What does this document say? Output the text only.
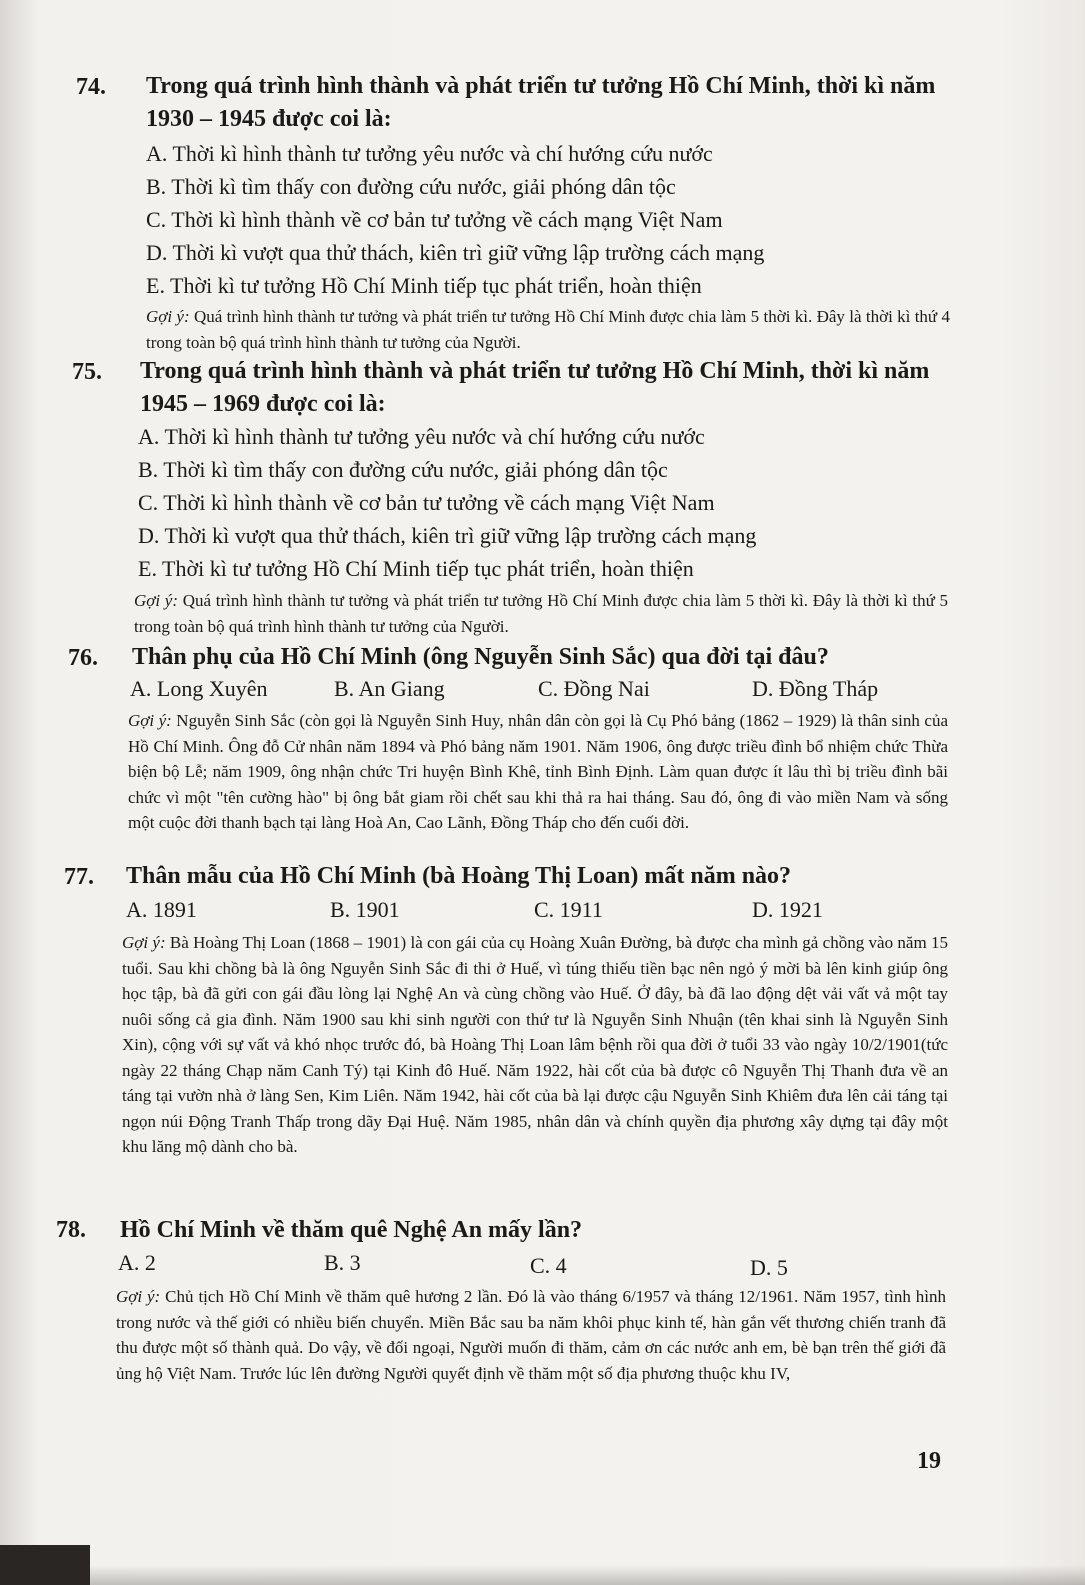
74. Trong quá trình hình thành và phát triển tư tưởng Hồ Chí Minh, thời kì năm 1930 – 1945 được coi là:
A. Thời kì hình thành tư tưởng yêu nước và chí hướng cứu nước
B. Thời kì tìm thấy con đường cứu nước, giải phóng dân tộc
C. Thời kì hình thành về cơ bản tư tưởng về cách mạng Việt Nam
D. Thời kì vượt qua thử thách, kiên trì giữ vững lập trường cách mạng
E. Thời kì tư tưởng Hồ Chí Minh tiếp tục phát triển, hoàn thiện
Gợi ý: Quá trình hình thành tư tưởng và phát triển tư tưởng Hồ Chí Minh được chia làm 5 thời kì. Đây là thời kì thứ 4 trong toàn bộ quá trình hình thành tư tưởng của Người.
75. Trong quá trình hình thành và phát triển tư tưởng Hồ Chí Minh, thời kì năm 1945 – 1969 được coi là:
A. Thời kì hình thành tư tưởng yêu nước và chí hướng cứu nước
B. Thời kì tìm thấy con đường cứu nước, giải phóng dân tộc
C. Thời kì hình thành về cơ bản tư tưởng về cách mạng Việt Nam
D. Thời kì vượt qua thử thách, kiên trì giữ vững lập trường cách mạng
E. Thời kì tư tưởng Hồ Chí Minh tiếp tục phát triển, hoàn thiện
Gợi ý: Quá trình hình thành tư tưởng và phát triển tư tưởng Hồ Chí Minh được chia làm 5 thời kì. Đây là thời kì thứ 5 trong toàn bộ quá trình hình thành tư tưởng của Người.
76. Thân phụ của Hồ Chí Minh (ông Nguyễn Sinh Sắc) qua đời tại đâu?
A. Long Xuyên	B. An Giang	C. Đồng Nai	D. Đồng Tháp
Gợi ý: Nguyễn Sinh Sắc (còn gọi là Nguyễn Sinh Huy, nhân dân còn gọi là Cụ Phó bảng (1862 – 1929) là thân sinh của Hồ Chí Minh. Ông đỗ Cử nhân năm 1894 và Phó bảng năm 1901. Năm 1906, ông được triều đình bổ nhiệm chức Thừa biện bộ Lễ; năm 1909, ông nhận chức Tri huyện Bình Khê, tỉnh Bình Định. Làm quan được ít lâu thì bị triều đình bãi chức vì một "tên cường hào" bị ông bắt giam rồi chết sau khi thả ra hai tháng. Sau đó, ông đi vào miền Nam và sống một cuộc đời thanh bạch tại làng Hoà An, Cao Lãnh, Đồng Tháp cho đến cuối đời.
77. Thân mẫu của Hồ Chí Minh (bà Hoàng Thị Loan) mất năm nào?
A. 1891	B. 1901	C. 1911	D. 1921
Gợi ý: Bà Hoàng Thị Loan (1868 – 1901) là con gái của cụ Hoàng Xuân Đường, bà được cha mình gả chồng vào năm 15 tuổi. Sau khi chồng bà là ông Nguyễn Sinh Sắc đi thi ở Huế, vì túng thiếu tiền bạc nên ngỏ ý mời bà lên kinh giúp ông học tập, bà đã gửi con gái đầu lòng lại Nghệ An và cùng chồng vào Huế. Ở đây, bà đã lao động dệt vải vất vả một tay nuôi sống cả gia đình. Năm 1900 sau khi sinh người con thứ tư là Nguyễn Sinh Nhuận (tên khai sinh là Nguyễn Sinh Xin), cộng với sự vất vả khó nhọc trước đó, bà Hoàng Thị Loan lâm bệnh rồi qua đời ở tuổi 33 vào ngày 10/2/1901(tức ngày 22 tháng Chạp năm Canh Tý) tại Kinh đô Huế. Năm 1922, hài cốt của bà được cô Nguyễn Thị Thanh đưa về an táng tại vườn nhà ở làng Sen, Kim Liên. Năm 1942, hài cốt của bà lại được cậu Nguyễn Sinh Khiêm đưa lên cải táng tại ngọn núi Động Tranh Thấp trong dãy Đại Huệ. Năm 1985, nhân dân và chính quyền địa phương xây dựng tại đây một khu lăng mộ dành cho bà.
78. Hồ Chí Minh về thăm quê Nghệ An mấy lần?
A. 2	B. 3	C. 4	D. 5
Gợi ý: Chủ tịch Hồ Chí Minh về thăm quê hương 2 lần. Đó là vào tháng 6/1957 và tháng 12/1961. Năm 1957, tình hình trong nước và thế giới có nhiều biến chuyển. Miền Bắc sau ba năm khôi phục kinh tế, hàn gắn vết thương chiến tranh đã thu được một số thành quả. Do vậy, về đối ngoại, Người muốn đi thăm, cảm ơn các nước anh em, bè bạn trên thế giới đã ủng hộ Việt Nam. Trước lúc lên đường Người quyết định về thăm một số địa phương thuộc khu IV,
19
